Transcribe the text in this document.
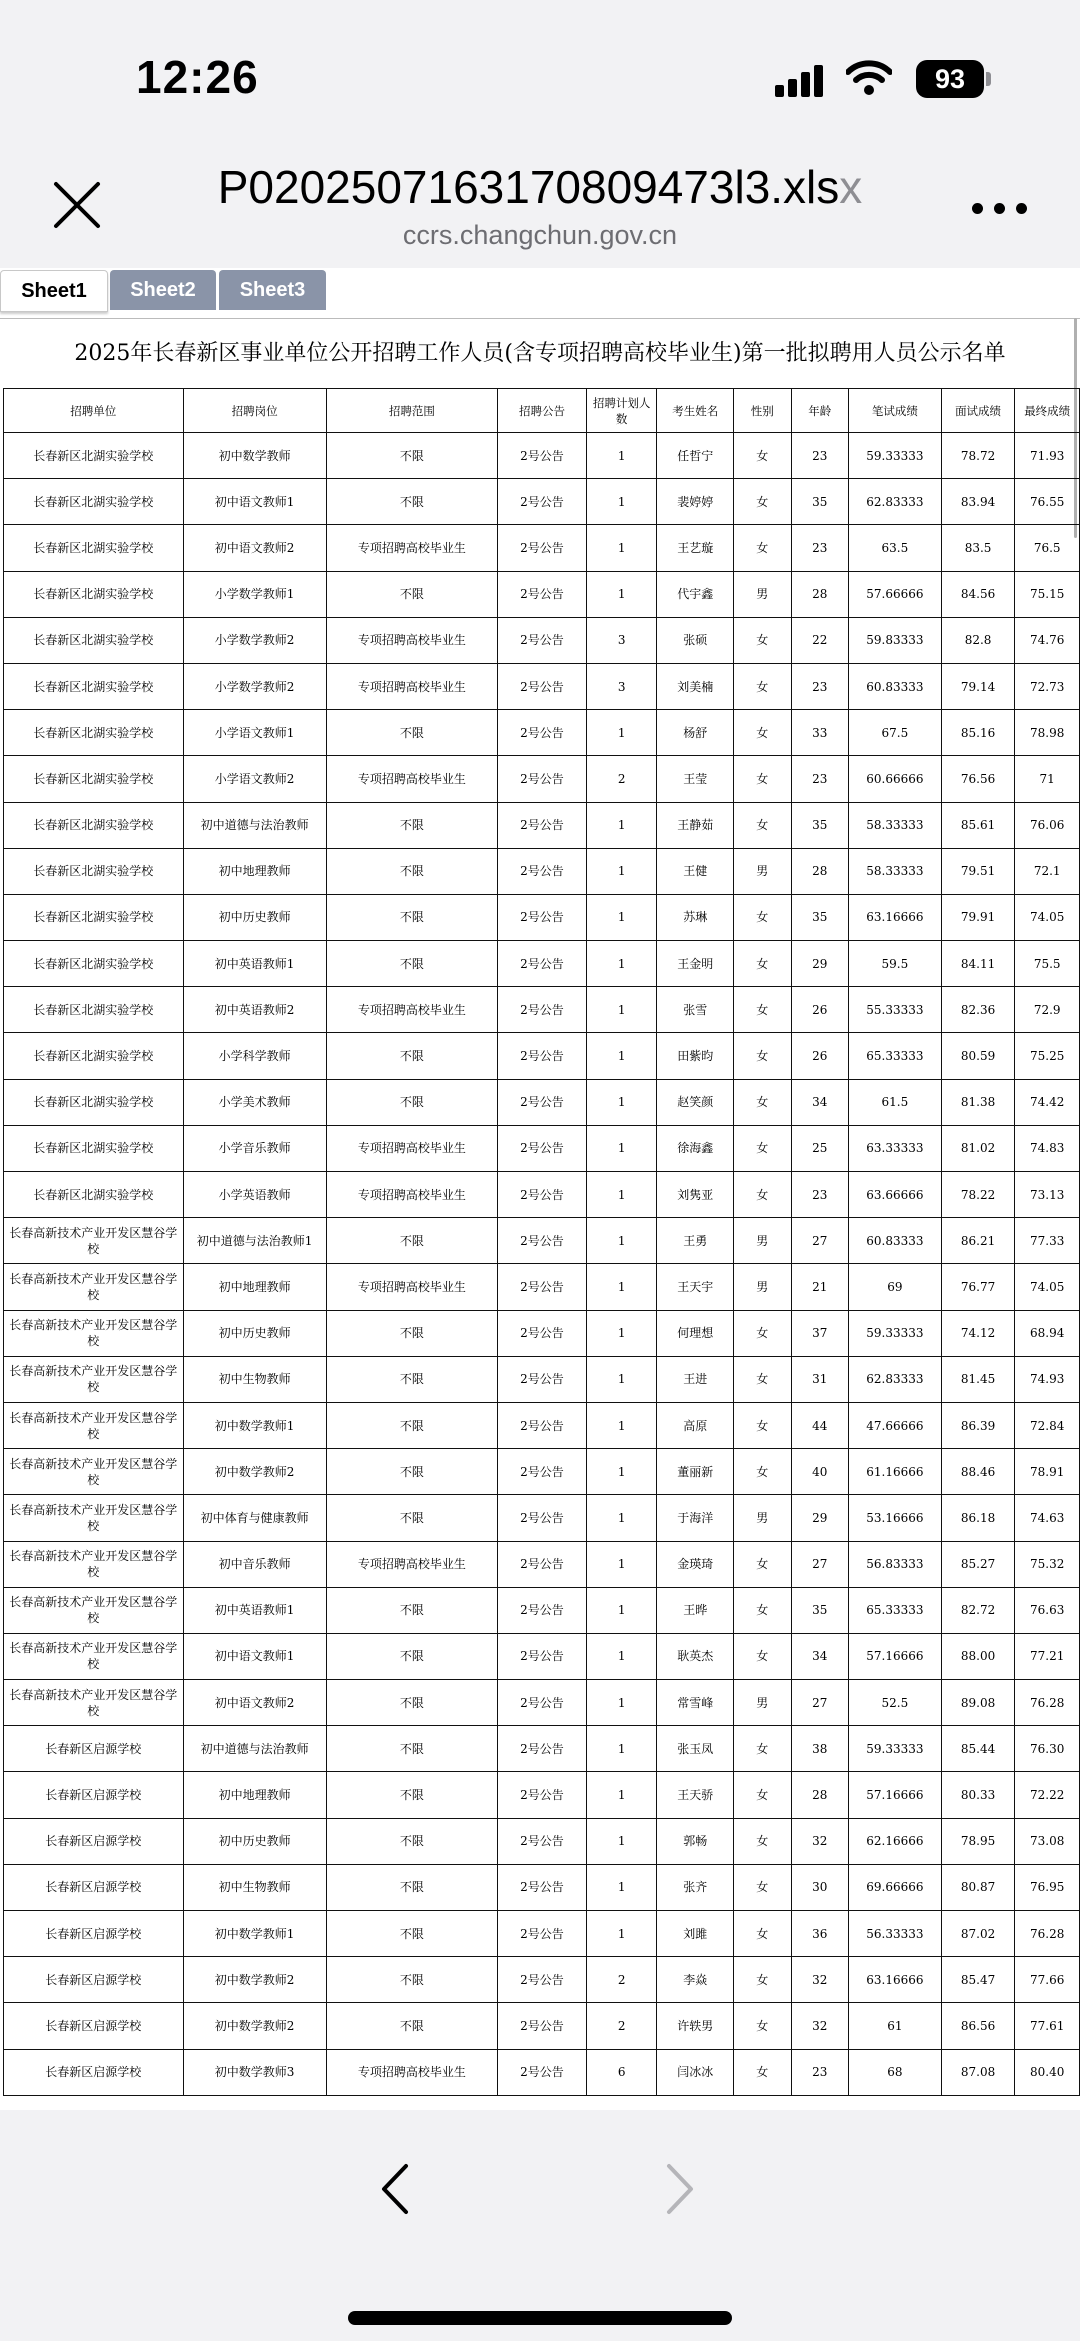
12:26	93
P0202507163170809473l3.xlsx
ccrs.changchun.gov.cn
Sheet1	Sheet2	Sheet3
2025年长春新区事业单位公开招聘工作人员(含专项招聘高校毕业生)第一批拟聘用人员公示名单
招聘单位	招聘岗位	招聘范围	招聘公告	招聘计划人数	考生姓名	性别	年龄	笔试成绩	面试成绩	最终成绩
长春新区北湖实验学校	初中数学教师	不限	2号公告	1	任哲宁	女	23	59.33333	78.72	71.93
长春新区北湖实验学校	初中语文教师1	不限	2号公告	1	裴婷婷	女	35	62.83333	83.94	76.55
长春新区北湖实验学校	初中语文教师2	专项招聘高校毕业生	2号公告	1	王艺璇	女	23	63.5	83.5	76.5
长春新区北湖实验学校	小学数学教师1	不限	2号公告	1	代宇鑫	男	28	57.66666	84.56	75.15
长春新区北湖实验学校	小学数学教师2	专项招聘高校毕业生	2号公告	3	张硕	女	22	59.83333	82.8	74.76
长春新区北湖实验学校	小学数学教师2	专项招聘高校毕业生	2号公告	3	刘美楠	女	23	60.83333	79.14	72.73
长春新区北湖实验学校	小学语文教师1	不限	2号公告	1	杨舒	女	33	67.5	85.16	78.98
长春新区北湖实验学校	小学语文教师2	专项招聘高校毕业生	2号公告	2	王莹	女	23	60.66666	76.56	71
长春新区北湖实验学校	初中道德与法治教师	不限	2号公告	1	王静茹	女	35	58.33333	85.61	76.06
长春新区北湖实验学校	初中地理教师	不限	2号公告	1	王健	男	28	58.33333	79.51	72.1
长春新区北湖实验学校	初中历史教师	不限	2号公告	1	苏琳	女	35	63.16666	79.91	74.05
长春新区北湖实验学校	初中英语教师1	不限	2号公告	1	王金明	女	29	59.5	84.11	75.5
长春新区北湖实验学校	初中英语教师2	专项招聘高校毕业生	2号公告	1	张雪	女	26	55.33333	82.36	72.9
长春新区北湖实验学校	小学科学教师	不限	2号公告	1	田紫昀	女	26	65.33333	80.59	75.25
长春新区北湖实验学校	小学美术教师	不限	2号公告	1	赵笑颜	女	34	61.5	81.38	74.42
长春新区北湖实验学校	小学音乐教师	专项招聘高校毕业生	2号公告	1	徐海鑫	女	25	63.33333	81.02	74.83
长春新区北湖实验学校	小学英语教师	专项招聘高校毕业生	2号公告	1	刘隽亚	女	23	63.66666	78.22	73.13
长春高新技术产业开发区慧谷学校	初中道德与法治教师1	不限	2号公告	1	王勇	男	27	60.83333	86.21	77.33
长春高新技术产业开发区慧谷学校	初中地理教师	专项招聘高校毕业生	2号公告	1	王天宇	男	21	69	76.77	74.05
长春高新技术产业开发区慧谷学校	初中历史教师	不限	2号公告	1	何理想	女	37	59.33333	74.12	68.94
长春高新技术产业开发区慧谷学校	初中生物教师	不限	2号公告	1	王进	女	31	62.83333	81.45	74.93
长春高新技术产业开发区慧谷学校	初中数学教师1	不限	2号公告	1	高原	女	44	47.66666	86.39	72.84
长春高新技术产业开发区慧谷学校	初中数学教师2	不限	2号公告	1	董丽新	女	40	61.16666	88.46	78.91
长春高新技术产业开发区慧谷学校	初中体育与健康教师	不限	2号公告	1	于海洋	男	29	53.16666	86.18	74.63
长春高新技术产业开发区慧谷学校	初中音乐教师	专项招聘高校毕业生	2号公告	1	金瑛琦	女	27	56.83333	85.27	75.32
长春高新技术产业开发区慧谷学校	初中英语教师1	不限	2号公告	1	王晔	女	35	65.33333	82.72	76.63
长春高新技术产业开发区慧谷学校	初中语文教师1	不限	2号公告	1	耿英杰	女	34	57.16666	88.00	77.21
长春高新技术产业开发区慧谷学校	初中语文教师2	不限	2号公告	1	常雪峰	男	27	52.5	89.08	76.28
长春新区启源学校	初中道德与法治教师	不限	2号公告	1	张玉凤	女	38	59.33333	85.44	76.30
长春新区启源学校	初中地理教师	不限	2号公告	1	王天骄	女	28	57.16666	80.33	72.22
长春新区启源学校	初中历史教师	不限	2号公告	1	郭畅	女	32	62.16666	78.95	73.08
长春新区启源学校	初中生物教师	不限	2号公告	1	张齐	女	30	69.66666	80.87	76.95
长春新区启源学校	初中数学教师1	不限	2号公告	1	刘雎	女	36	56.33333	87.02	76.28
长春新区启源学校	初中数学教师2	不限	2号公告	2	李焱	女	32	63.16666	85.47	77.66
长春新区启源学校	初中数学教师2	不限	2号公告	2	许轶男	女	32	61	86.56	77.61
长春新区启源学校	初中数学教师3	专项招聘高校毕业生	2号公告	6	闫冰冰	女	23	68	87.08	80.40
